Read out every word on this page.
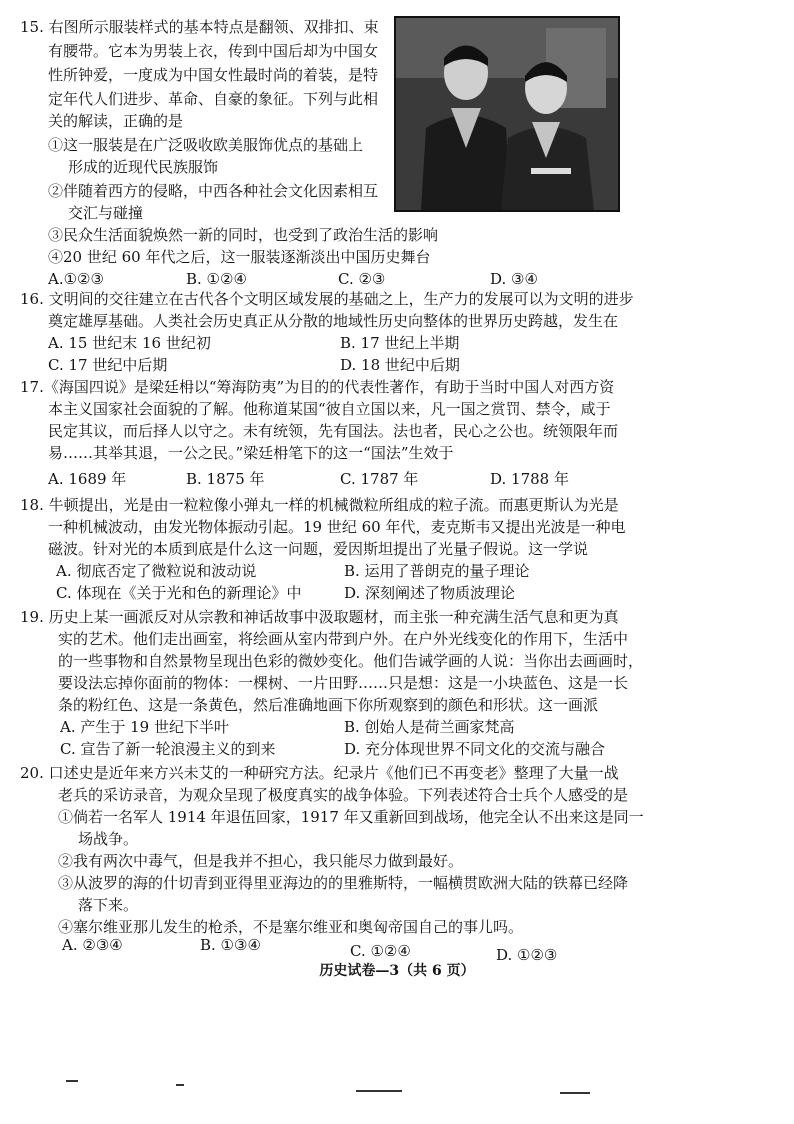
15. 右图所示服装样式的基本特点是翻领、双排扣、束
有腰带。它本为男装上衣，传到中国后却为中国女
性所钟爱，一度成为中国女性最时尚的着装，是特
定年代人们进步、革命、自豪的象征。下列与此相
关的解读，正确的是
①这一服装是在广泛吸收欧美服饰优点的基础上
形成的近现代民族服饰
②伴随着西方的侵略，中西各种社会文化因素相互
交汇与碰撞
③民众生活面貌焕然一新的同时，也受到了政治生活的影响
④20 世纪 60 年代之后，这一服装逐渐淡出中国历史舞台
A.①②③	B. ①②④	C. ②③	D. ③④
16. 文明间的交往建立在古代各个文明区域发展的基础之上，生产力的发展可以为文明的进步
奠定雄厚基础。人类社会历史真正从分散的地域性历史向整体的世界历史跨越，发生在
A. 15 世纪末 16 世纪初	B. 17 世纪上半期
C. 17 世纪中后期	D. 18 世纪中后期
17.《海国四说》是梁廷枏以“筹海防夷”为目的的代表性著作，有助于当时中国人对西方资
本主义国家社会面貌的了解。他称道某国“彼自立国以来，凡一国之赏罚、禁令，咸于
民定其议，而后择人以守之。未有统领，先有国法。法也者，民心之公也。统领限年而
易……其举其退，一公之民。”梁廷枏笔下的这一“国法”生效于
A. 1689 年	B. 1875 年	C. 1787 年	D. 1788 年
18. 牛顿提出，光是由一粒粒像小弹丸一样的机械微粒所组成的粒子流。而惠更斯认为光是
一种机械波动，由发光物体振动引起。19 世纪 60 年代，麦克斯韦又提出光波是一种电
磁波。针对光的本质到底是什么这一问题，爱因斯坦提出了光量子假说。这一学说
A. 彻底否定了微粒说和波动说	B. 运用了普朗克的量子理论
C. 体现在《关于光和色的新理论》中	D. 深刻阐述了物质波理论
19. 历史上某一画派反对从宗教和神话故事中汲取题材，而主张一种充满生活气息和更为真
实的艺术。他们走出画室，将绘画从室内带到户外。在户外光线变化的作用下，生活中
的一些事物和自然景物呈现出色彩的微妙变化。他们告诫学画的人说：当你出去画画时，
要设法忘掉你面前的物体：一棵树、一片田野……只是想：这是一小块蓝色、这是一长
条的粉红色、这是一条黄色，然后准确地画下你所观察到的颜色和形状。这一画派
A. 产生于 19 世纪下半叶	B. 创始人是荷兰画家梵高
C. 宣告了新一轮浪漫主义的到来	D. 充分体现世界不同文化的交流与融合
20. 口述史是近年来方兴未艾的一种研究方法。纪录片《他们已不再变老》整理了大量一战
老兵的采访录音，为观众呈现了极度真实的战争体验。下列表述符合士兵个人感受的是
①倘若一名军人 1914 年退伍回家，1917 年又重新回到战场，他完全认不出来这是同一
场战争。
②我有两次中毒气，但是我并不担心，我只能尽力做到最好。
③从波罗的海的什切青到亚得里亚海边的的里雅斯特，一幅横贯欧洲大陆的铁幕已经降
落下来。
④塞尔维亚那儿发生的枪杀，不是塞尔维亚和奥匈帝国自己的事儿吗。
A. ②③④	B. ①③④	C. ①②④	D. ①②③
历史试卷—3（共 6 页）
